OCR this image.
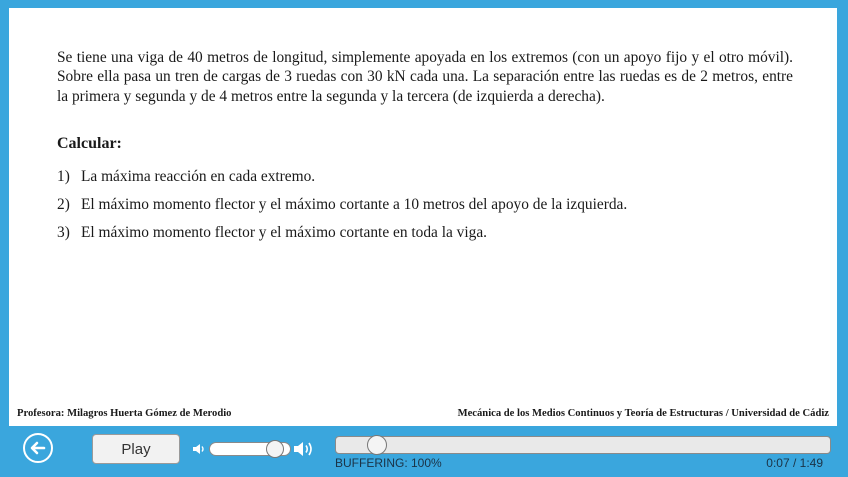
Se tiene una viga de 40 metros de longitud, simplemente apoyada en los extremos (con un apoyo fijo y el otro móvil). Sobre ella pasa un tren de cargas de 3 ruedas con 30 kN cada una. La separación entre las ruedas es de 2 metros, entre la primera y segunda y de 4 metros entre la segunda y la tercera (de izquierda a derecha).
Calcular:
1) La máxima reacción en cada extremo.
2) El máximo momento flector y el máximo cortante a 10 metros del apoyo de la izquierda.
3) El máximo momento flector y el máximo cortante en toda la viga.
Profesora: Milagros Huerta Gómez de Merodio	Mecánica de los Medios Continuos y Teoría de Estructuras / Universidad de Cádiz
Play
BUFFERING: 100%	0:07 / 1:49
